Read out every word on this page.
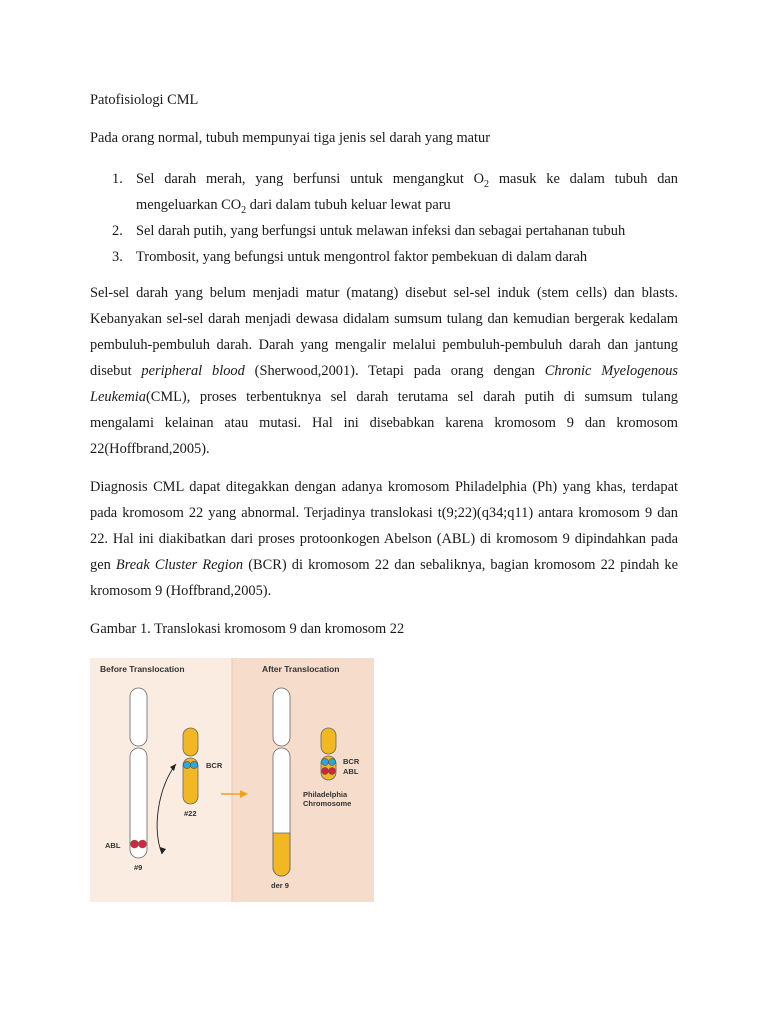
Patofisiologi CML
Pada orang normal, tubuh mempunyai tiga jenis sel darah yang matur
1. Sel darah merah, yang berfunsi untuk mengangkut $O_2$ masuk ke dalam tubuh dan mengeluarkan $CO_2$ dari dalam tubuh keluar lewat paru
2. Sel darah putih, yang berfungsi untuk melawan infeksi dan sebagai pertahanan tubuh
3. Trombosit, yang befungsi untuk mengontrol faktor pembekuan di dalam darah
Sel-sel darah yang belum menjadi matur (matang) disebut sel-sel induk (stem cells) dan blasts. Kebanyakan sel-sel darah menjadi dewasa didalam sumsum tulang dan kemudian bergerak kedalam pembuluh-pembuluh darah. Darah yang mengalir melalui pembuluh-pembuluh darah dan jantung disebut peripheral blood (Sherwood,2001). Tetapi pada orang dengan Chronic Myelogenous Leukemia(CML), proses terbentuknya sel darah terutama sel darah putih di sumsum tulang mengalami kelainan atau mutasi. Hal ini disebabkan karena kromosom 9 dan kromosom 22(Hoffbrand,2005).
Diagnosis CML dapat ditegakkan dengan adanya kromosom Philadelphia (Ph) yang khas, terdapat pada kromosom 22 yang abnormal. Terjadinya translokasi t(9;22)(q34;q11) antara kromosom 9 dan 22. Hal ini diakibatkan dari proses protoonkogen Abelson (ABL) di kromosom 9 dipindahkan pada gen Break Cluster Region (BCR) di kromosom 22 dan sebaliknya, bagian kromosom 22 pindah ke kromosom 9 (Hoffbrand,2005).
Gambar 1. Translokasi kromosom 9 dan kromosom 22
Before Translocation	After Translocation
ABL
#9
BCR
#22
der 9
BCR
ABL
Philadelphia
Chromosome
